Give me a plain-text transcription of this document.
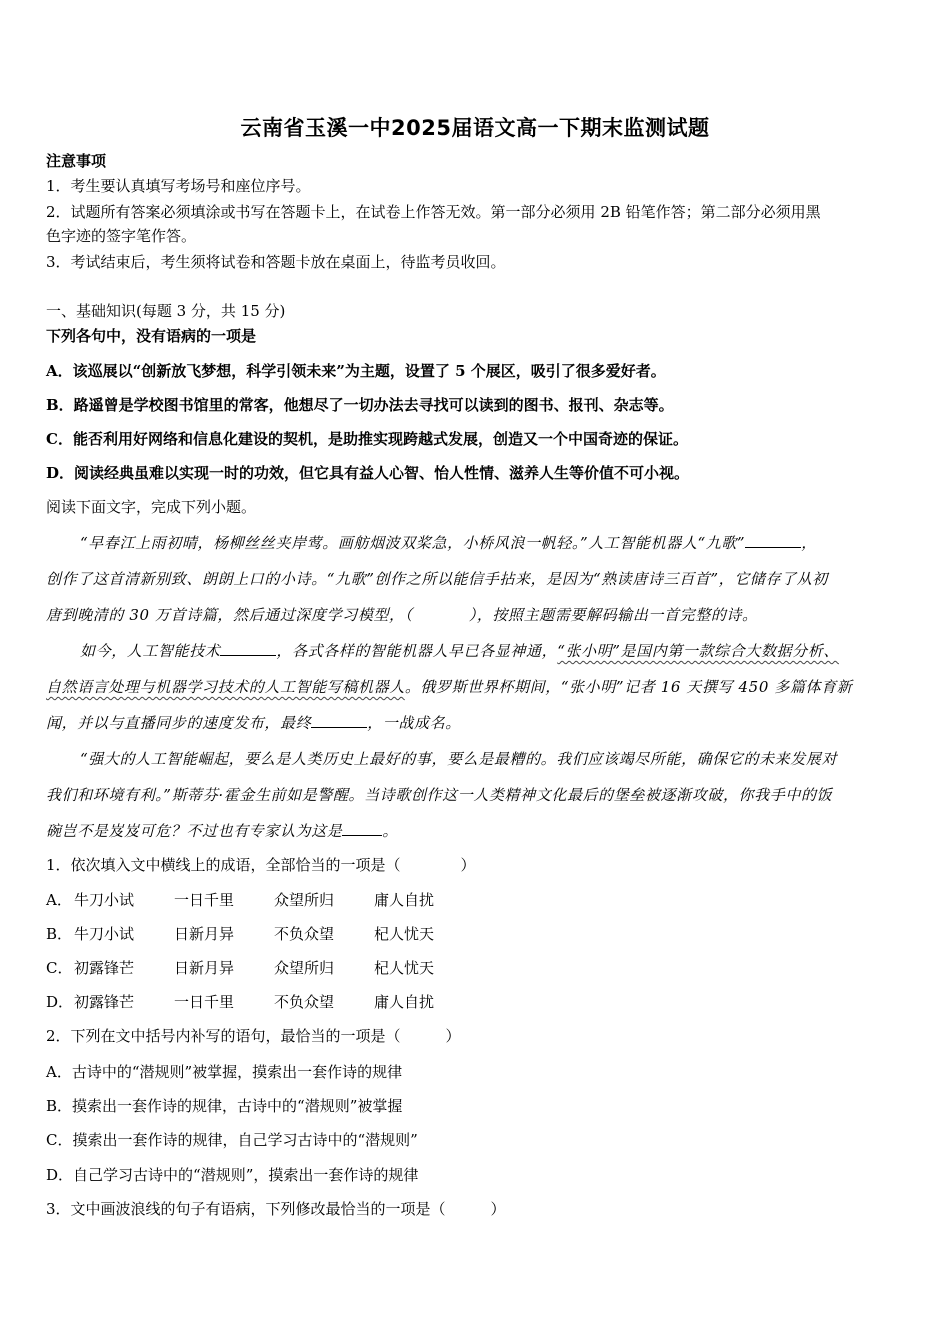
云南省玉溪一中2025届语文高一下期末监测试题
注意事项
1．考生要认真填写考场号和座位序号。
2．试题所有答案必须填涂或书写在答题卡上，在试卷上作答无效。第一部分必须用 2B 铅笔作答；第二部分必须用黑
色字迹的签字笔作答。
3．考试结束后，考生须将试卷和答题卡放在桌面上，待监考员收回。
一、基础知识(每题 3 分，共 15 分)
下列各句中，没有语病的一项是
A．该巡展以“创新放飞梦想，科学引领未来”为主题，设置了 5 个展区，吸引了很多爱好者。
B．路遥曾是学校图书馆里的常客，他想尽了一切办法去寻找可以读到的图书、报刊、杂志等。
C．能否利用好网络和信息化建设的契机，是助推实现跨越式发展，创造又一个中国奇迹的保证。
D．阅读经典虽难以实现一时的功效，但它具有益人心智、怡人性情、滋养人生等价值不可小视。
阅读下面文字，完成下列小题。
“早春江上雨初晴，杨柳丝丝夹岸莺。画舫烟波双桨急，小桥风浪一帆轻。”人工智能机器人“九歌”	，
创作了这首清新别致、朗朗上口的小诗。“九歌”创作之所以能信手拈来，是因为“熟读唐诗三百首”，它储存了从初
唐到晚清的 30 万首诗篇，然后通过深度学习模型，（	），按照主题需要解码输出一首完整的诗。
如今，人工智能技术	，各式各样的智能机器人早已各显神通，“张小明”是国内第一款综合大数据分析、
自然语言处理与机器学习技术的人工智能写稿机器人。俄罗斯世界杯期间，“张小明”记者 16 天撰写 450 多篇体育新
闻，并以与直播同步的速度发布，最终	，一战成名。
“强大的人工智能崛起，要么是人类历史上最好的事，要么是最糟的。我们应该竭尽所能，确保它的未来发展对
我们和环境有利。”斯蒂芬·霍金生前如是警醒。当诗歌创作这一人类精神文化最后的堡垒被逐渐攻破，你我手中的饭
碗岂不是岌岌可危？不过也有专家认为这是	。
1．依次填入文中横线上的成语，全部恰当的一项是（　　　　）
A． 牛刀小试	一日千里	众望所归	庸人自扰
B． 牛刀小试	日新月异	不负众望	杞人忧天
C． 初露锋芒	日新月异	众望所归	杞人忧天
D．初露锋芒	一日千里	不负众望	庸人自扰
2．下列在文中括号内补写的语句，最恰当的一项是（　　　）
A．古诗中的“潜规则”被掌握，摸索出一套作诗的规律
B．摸索出一套作诗的规律，古诗中的“潜规则”被掌握
C．摸索出一套作诗的规律，自己学习古诗中的“潜规则”
D．自己学习古诗中的“潜规则”，摸索出一套作诗的规律
3．文中画波浪线的句子有语病，下列修改最恰当的一项是（　　　）
